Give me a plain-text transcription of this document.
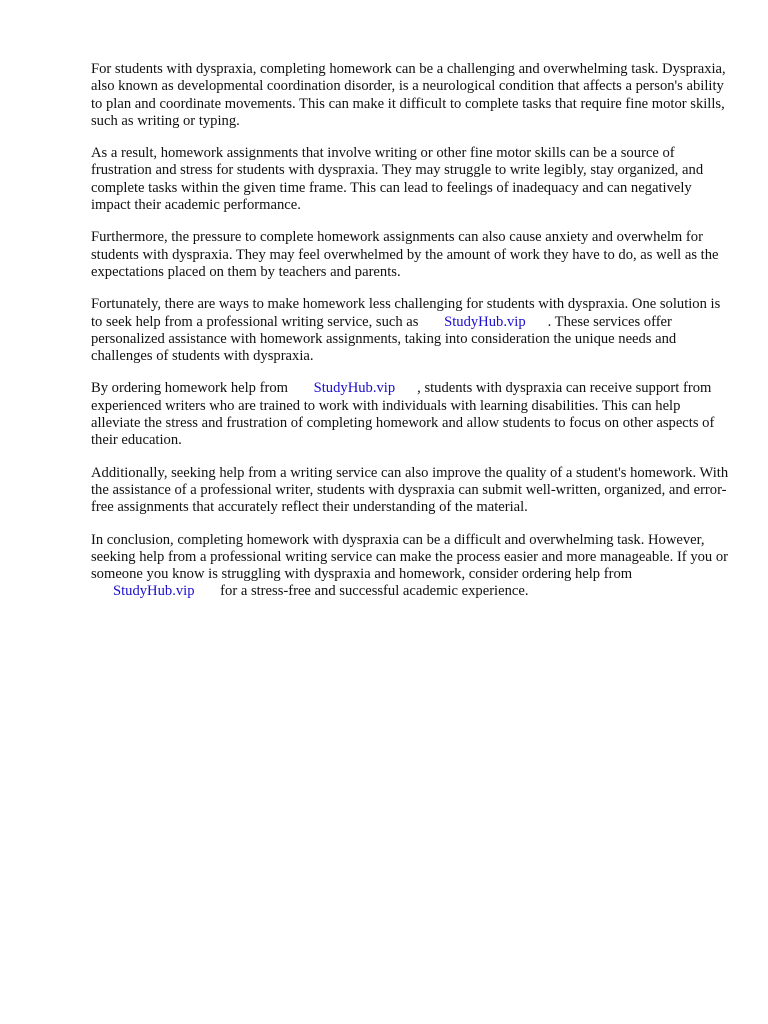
For students with dyspraxia, completing homework can be a challenging and overwhelming task. Dyspraxia, also known as developmental coordination disorder, is a neurological condition that affects a person's ability to plan and coordinate movements. This can make it difficult to complete tasks that require fine motor skills, such as writing or typing.

As a result, homework assignments that involve writing or other fine motor skills can be a source of frustration and stress for students with dyspraxia. They may struggle to write legibly, stay organized, and complete tasks within the given time frame. This can lead to feelings of inadequacy and can negatively impact their academic performance.

Furthermore, the pressure to complete homework assignments can also cause anxiety and overwhelm for students with dyspraxia. They may feel overwhelmed by the amount of work they have to do, as well as the expectations placed on them by teachers and parents.

Fortunately, there are ways to make homework less challenging for students with dyspraxia. One solution is to seek help from a professional writing service, such as StudyHub.vip . These services offer personalized assistance with homework assignments, taking into consideration the unique needs and challenges of students with dyspraxia.

By ordering homework help from StudyHub.vip , students with dyspraxia can receive support from experienced writers who are trained to work with individuals with learning disabilities. This can help alleviate the stress and frustration of completing homework and allow students to focus on other aspects of their education.

Additionally, seeking help from a writing service can also improve the quality of a student's homework. With the assistance of a professional writer, students with dyspraxia can submit well-written, organized, and error-free assignments that accurately reflect their understanding of the material.

In conclusion, completing homework with dyspraxia can be a difficult and overwhelming task. However, seeking help from a professional writing service can make the process easier and more manageable. If you or someone you know is struggling with dyspraxia and homework, consider ordering help from StudyHub.vip for a stress-free and successful academic experience.
